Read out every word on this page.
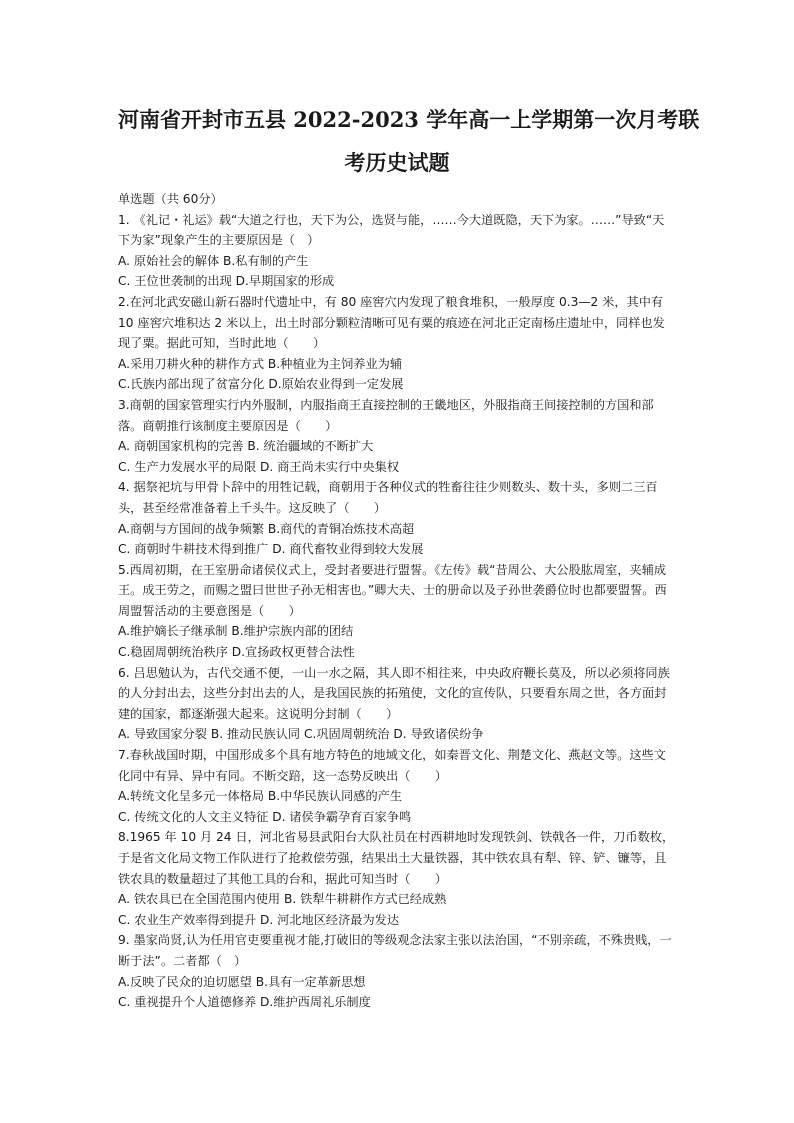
河南省开封市五县 2022-2023 学年高一上学期第一次月考联
考历史试题
单选题（共 60分）

1. 《礼记・礼运》载“大道之行也，天下为公，选贤与能，……今大道既隐，天下为家。……”导致“天下为家”现象产生的主要原因是（　）

A. 原始社会的解体 B.私有制的产生

C. 王位世袭制的出现 D.早期国家的形成

2.在河北武安磁山新石器时代遗址中，有 80 座窖穴内发现了粮食堆积，一般厚度 0.3—2 米，其中有 10 座窖穴堆积达 2 米以上，出土时部分颗粒清晰可见有粟的痕迹在河北正定南杨庄遗址中，同样也发现了粟。据此可知，当时此地（　　）

A.采用刀耕火种的耕作方式 B.种植业为主饲养业为辅

C.氏族内部出现了贫富分化 D.原始农业得到一定发展

3.商朝的国家管理实行内外服制，内服指商王直接控制的王畿地区，外服指商王间接控制的方国和部落。商朝推行该制度主要原因是（　　）

A. 商朝国家机构的完善 B. 统治疆域的不断扩大

C. 生产力发展水平的局限 D. 商王尚未实行中央集权

4. 据祭祀坑与甲骨卜辞中的用牲记载，商朝用于各种仪式的牲畜往往少则数头、数十头，多则二三百头，甚至经常准备着上千头牛。这反映了（　　）

A.商朝与方国间的战争频繁 B.商代的青铜冶炼技术高超

C. 商朝时牛耕技术得到推广 D. 商代畜牧业得到较大发展

5.西周初期，在王室册命诸侯仪式上，受封者要进行盟誓。《左传》载“昔周公、大公股肱周室，夹辅成王。成王劳之，而赐之盟曰世世子孙无相害也。”卿大夫、士的册命以及子孙世袭爵位时也都要盟誓。西周盟誓活动的主要意图是（　　）

A.维护嫡长子继承制 B.维护宗族内部的团结

C.稳固周朝统治秩序 D.宣扬政权更替合法性

6. 吕思勉认为，古代交通不便，一山一水之隔，其人即不相往来，中央政府鞭长莫及，所以必须将同族的人分封出去，这些分封出去的人，是我国民族的拓殖使，文化的宣传队，只要看东周之世，各方面封建的国家，都逐渐强大起来。这说明分封制（　　）

A. 导致国家分裂 B. 推动民族认同 C.巩固周朝统治 D. 导致诸侯纷争

7.春秋战国时期，中国形成多个具有地方特色的地域文化，如秦晋文化、荆楚文化、燕赵文等。这些文化同中有异、异中有同。不断交踣，这一态势反映出（　　）

A.转统文化呈多元一体格局 B.中华民族认同感的产生

C. 传统文化的人文主义特征 D. 诸侯争霸孕育百家争鸣

8.1965 年 10 月 24 日，河北省易县武阳台大队社员在村西耕地时发现铁剑、铁戟各一件，刀币数枚，于是省文化局文物工作队进行了抢救偿劳强，结果出土大量铁器，其中铁农具有犁、锌、铲、镰等，且铁农具的数量超过了其他工具的台和，据此可知当时（　　）

A. 铁农具已在全国范围内使用 B. 铁犁牛耕耕作方式已经成熟

C. 农业生产效率得到提升 D. 河北地区经济最为发达

9. 墨家尚贤,认为任用官吏要重视才能,打破旧的等级观念法家主张以法治国，“不别亲疏，不殊贵贱，一断于法”。二者都（　）

A.反映了民众的迫切愿望 B.具有一定革新思想

C. 重视提升个人道德修养 D.维护西周礼乐制度
